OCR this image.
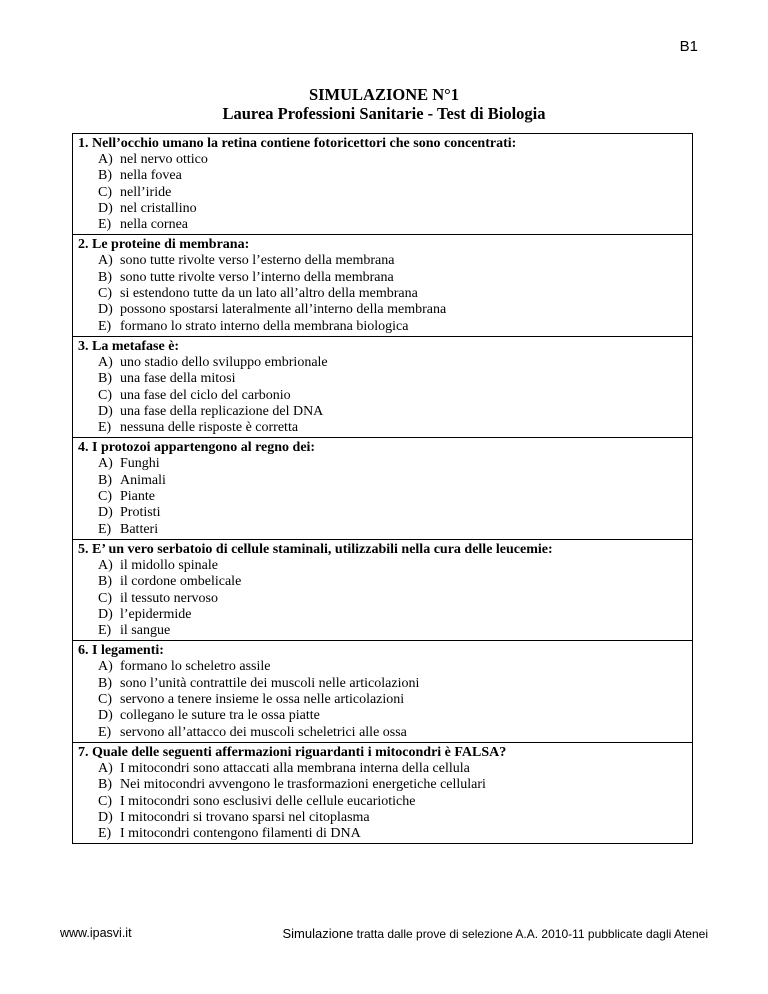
B1
SIMULAZIONE N°1
Laurea Professioni Sanitarie - Test di Biologia
1. Nell’occhio umano la retina contiene fotoricettori che sono concentrati:
A) nel nervo ottico
B) nella fovea
C) nell’iride
D) nel cristallino
E) nella cornea
2. Le proteine di membrana:
A) sono tutte rivolte verso l’esterno della membrana
B) sono tutte rivolte verso l’interno della membrana
C) si estendono tutte da un lato all’altro della membrana
D) possono spostarsi lateralmente all’interno della membrana
E) formano lo strato interno della membrana biologica
3. La metafase è:
A) uno stadio dello sviluppo embrionale
B) una fase della mitosi
C) una fase del ciclo del carbonio
D) una fase della replicazione del DNA
E) nessuna delle risposte è corretta
4. I protozoi appartengono al regno dei:
A) Funghi
B) Animali
C) Piante
D) Protisti
E) Batteri
5. E’ un vero serbatoio di cellule staminali, utilizzabili nella cura delle leucemie:
A) il midollo spinale
B) il cordone ombelicale
C) il tessuto nervoso
D) l’epidermide
E) il sangue
6. I legamenti:
A) formano lo scheletro assile
B) sono l’unità contrattile dei muscoli nelle articolazioni
C) servono a tenere insieme le ossa nelle articolazioni
D) collegano le suture tra le ossa piatte
E) servono all’attacco dei muscoli scheletrici alle ossa
7. Quale delle seguenti affermazioni riguardanti i mitocondri è FALSA?
A) I mitocondri sono attaccati alla membrana interna della cellula
B) Nei mitocondri avvengono le trasformazioni energetiche cellulari
C) I mitocondri sono esclusivi delle cellule eucariotiche
D) I mitocondri si trovano sparsi nel citoplasma
E) I mitocondri contengono filamenti di DNA
www.ipasvi.it	Simulazione tratta dalle prove di selezione A.A. 2010-11 pubblicate dagli Atenei
